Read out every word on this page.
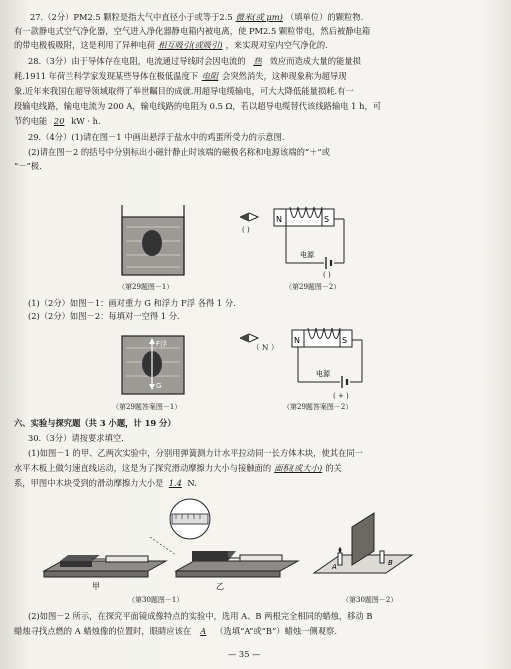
27.（2分）PM2.5 颗粒是指大气中直径小于或等于2.5 微米(或 μm) （填单位）的颗粒物.
有一款静电式空气净化器，空气进入净化器静电箱内被电离，使 PM2.5 颗粒带电，然后被静电箱
的带电极板吸附，这是利用了异种电荷 相互吸引(或吸引) ，来实现对室内空气净化的.
28.（3分）由于导体存在电阻，电流通过导线时会因电流的 热 效应而造成大量的能量损
耗.1911 年荷兰科学家发现某些导体在极低温度下 电阻 会突然消失，这种现象称为超导现
象.近年来我国在超导领域取得了举世瞩目的成就.用超导电缆输电，可大大降低能量损耗.有一
段输电线路，输电电流为 200 A，输电线路的电阻为 0.5 Ω，若以超导电缆替代该线路输电 1 h，可
节约电能 20 kW · h.
29.（4分）(1)请在图－1 中画出悬浮于盐水中的鸡蛋所受力的示意图.
(2)请在图－2 的括号中分别标出小磁针静止时该端的磁极名称和电源该端的“＋”或
“－”极.
（第29题图－1）
N	S
电源
( )
( )
（第29题图－2）
(1)（2分）如图－1：画对重力 G 和浮力 F浮 各得 1 分.
(2)（2分）如图－2：每填对一空得 1 分.
F浮
G
（第29题答案图－1）
N	S
电源
（ N ）
( + )
（第29题答案图－2）
六、实验与探究题（共 3 小题，计 19 分）
30.（3分）请按要求填空.
(1)如图－1 的甲、乙两次实验中，分别用弹簧测力计水平拉动同一长方体木块，使其在同一
水平木板上做匀速直线运动，这是为了探究滑动摩擦力大小与接触面的 面积(或大小) 的关
系，甲图中木块受到的滑动摩擦力大小是 1.4 N.
甲	乙
（第30题图－1）
A	B
（第30题图－2）
(2)如图－2 所示，在探究平面镜成像特点的实验中，选用 A、B 两根完全相同的蜡烛，移动 B
蜡烛寻找点燃的 A 蜡烛像的位置时，眼睛应该在 A （选填“A”或“B”）蜡烛一侧观察.
— 35 —
